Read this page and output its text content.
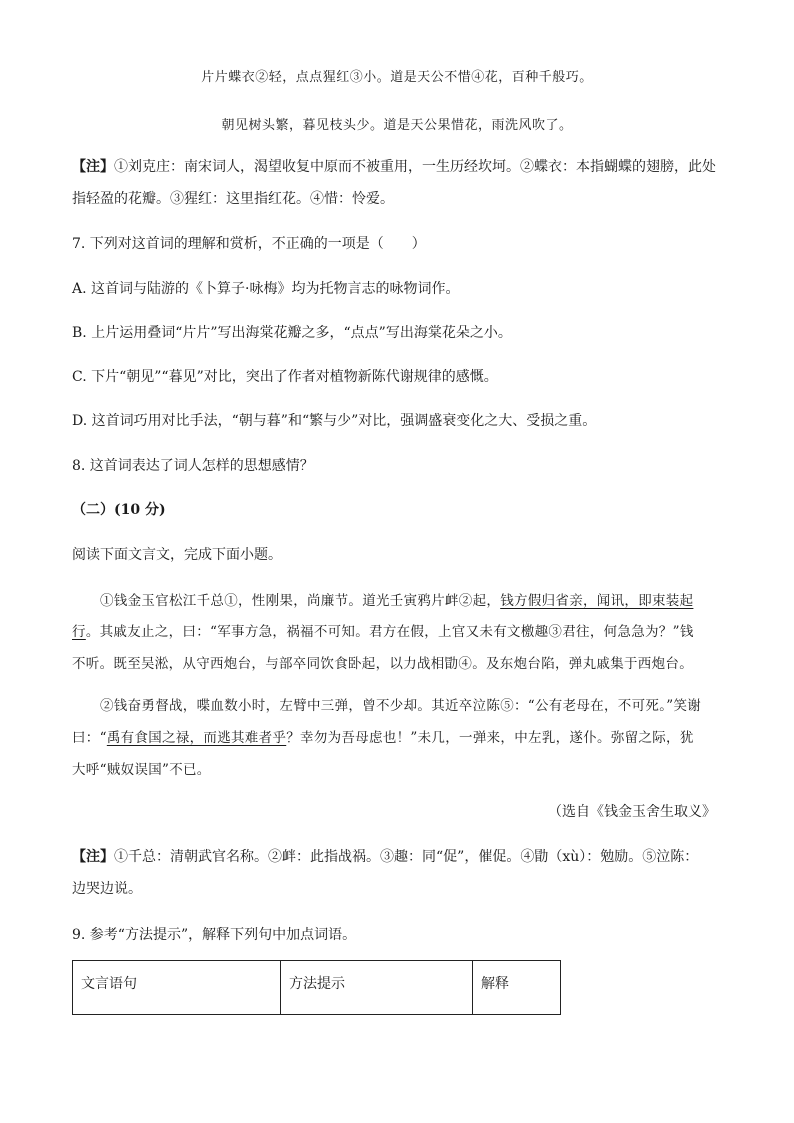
片片蝶衣②轻，点点猩红③小。道是天公不惜④花，百种千般巧。
朝见树头繁，暮见枝头少。道是天公果惜花，雨洗风吹了。
【注】①刘克庄：南宋词人，渴望收复中原而不被重用，一生历经坎坷。②蝶衣：本指蝴蝶的翅膀，此处
指轻盈的花瓣。③猩红：这里指红花。④惜：怜爱。
7. 下列对这首词的理解和赏析，不正确的一项是（　　）
A. 这首词与陆游的《卜算子·咏梅》均为托物言志的咏物词作。
B. 上片运用叠词“片片”写出海棠花瓣之多，“点点”写出海棠花朵之小。
C. 下片“朝见”“暮见”对比，突出了作者对植物新陈代谢规律的感慨。
D. 这首词巧用对比手法，“朝与暮”和“繁与少”对比，强调盛衰变化之大、受损之重。
8. 这首词表达了词人怎样的思想感情？
（二）(10 分)
阅读下面文言文，完成下面小题。
①钱金玉官松江千总①，性刚果，尚廉节。道光壬寅鸦片衅②起，钱方假归省亲，闻讯，即束装起
行。其戚友止之，曰：“军事方急，祸福不可知。君方在假，上官又未有文檄趣③君往，何急急为？”钱
不听。既至吴淞，从守西炮台，与部卒同饮食卧起，以力战相勖④。及东炮台陷，弹丸戚集于西炮台。
②钱奋勇督战，喋血数小时，左臂中三弹，曾不少却。其近卒泣陈⑤：“公有老母在，不可死。”笑谢
曰：“禹有食国之禄，而逃其难者乎？幸勿为吾母虑也！”未几，一弹来，中左乳，遂仆。弥留之际，犹
大呼“贼奴误国”不已。
（选自《钱金玉舍生取义》
【注】①千总：清朝武官名称。②衅：此指战祸。③趣：同“促”，催促。④勖（xù）：勉励。⑤泣陈：
边哭边说。
9. 参考“方法提示”，解释下列句中加点词语。
文言语句	方法提示	解释
